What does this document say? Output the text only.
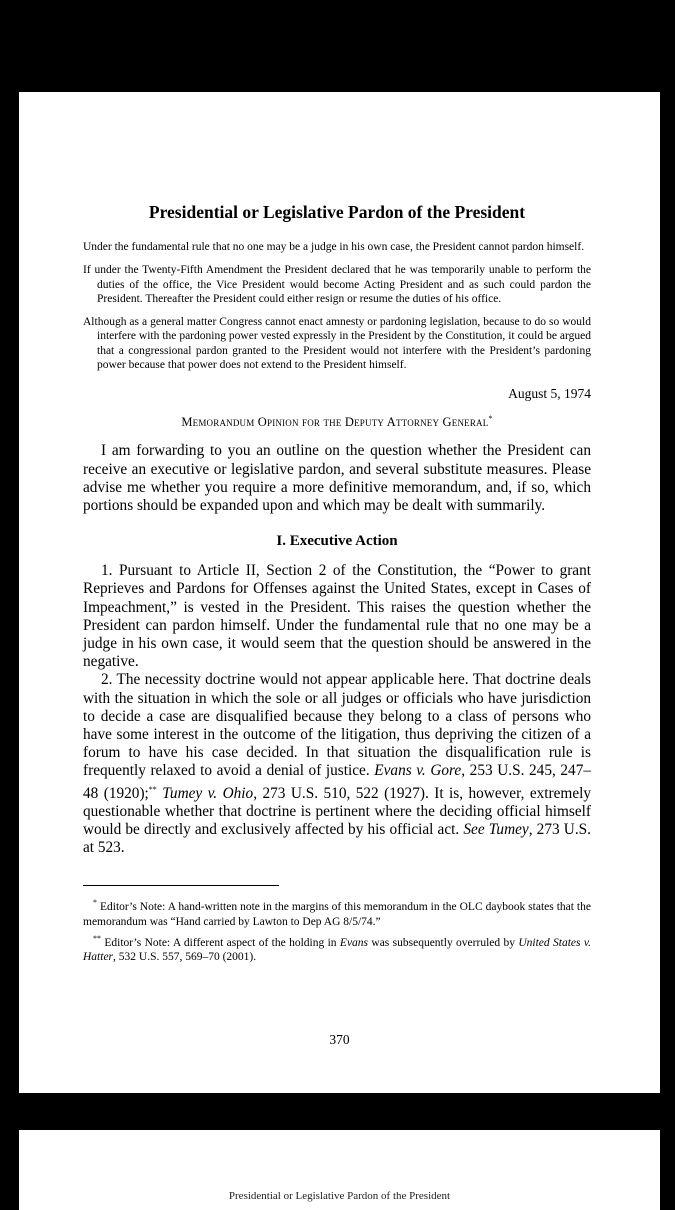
Presidential or Legislative Pardon of the President

Under the fundamental rule that no one may be a judge in his own case, the President cannot pardon himself.

If under the Twenty-Fifth Amendment the President declared that he was temporarily unable to perform the duties of the office, the Vice President would become Acting President and as such could pardon the President. Thereafter the President could either resign or resume the duties of his office.

Although as a general matter Congress cannot enact amnesty or pardoning legislation, because to do so would interfere with the pardoning power vested expressly in the President by the Constitution, it could be argued that a congressional pardon granted to the President would not interfere with the President’s pardoning power because that power does not extend to the President himself.

August 5, 1974

Memorandum Opinion for the Deputy Attorney General*

I am forwarding to you an outline on the question whether the President can receive an executive or legislative pardon, and several substitute measures. Please advise me whether you require a more definitive memorandum, and, if so, which portions should be expanded upon and which may be dealt with summarily.

I. Executive Action

1. Pursuant to Article II, Section 2 of the Constitution, the “Power to grant Reprieves and Pardons for Offenses against the United States, except in Cases of Impeachment,” is vested in the President. This raises the question whether the President can pardon himself. Under the fundamental rule that no one may be a judge in his own case, it would seem that the question should be answered in the negative.

2. The necessity doctrine would not appear applicable here. That doctrine deals with the situation in which the sole or all judges or officials who have jurisdiction to decide a case are disqualified because they belong to a class of persons who have some interest in the outcome of the litigation, thus depriving the citizen of a forum to have his case decided. In that situation the disqualification rule is frequently relaxed to avoid a denial of justice. Evans v. Gore, 253 U.S. 245, 247–48 (1920);** Tumey v. Ohio, 273 U.S. 510, 522 (1927). It is, however, extremely questionable whether that doctrine is pertinent where the deciding official himself would be directly and exclusively affected by his official act. See Tumey, 273 U.S. at 523.

* Editor’s Note: A hand-written note in the margins of this memorandum in the OLC daybook states that the memorandum was “Hand carried by Lawton to Dep AG 8/5/74.”

** Editor’s Note: A different aspect of the holding in Evans was subsequently overruled by United States v. Hatter, 532 U.S. 557, 569–70 (2001).

370
Presidential or Legislative Pardon of the President
